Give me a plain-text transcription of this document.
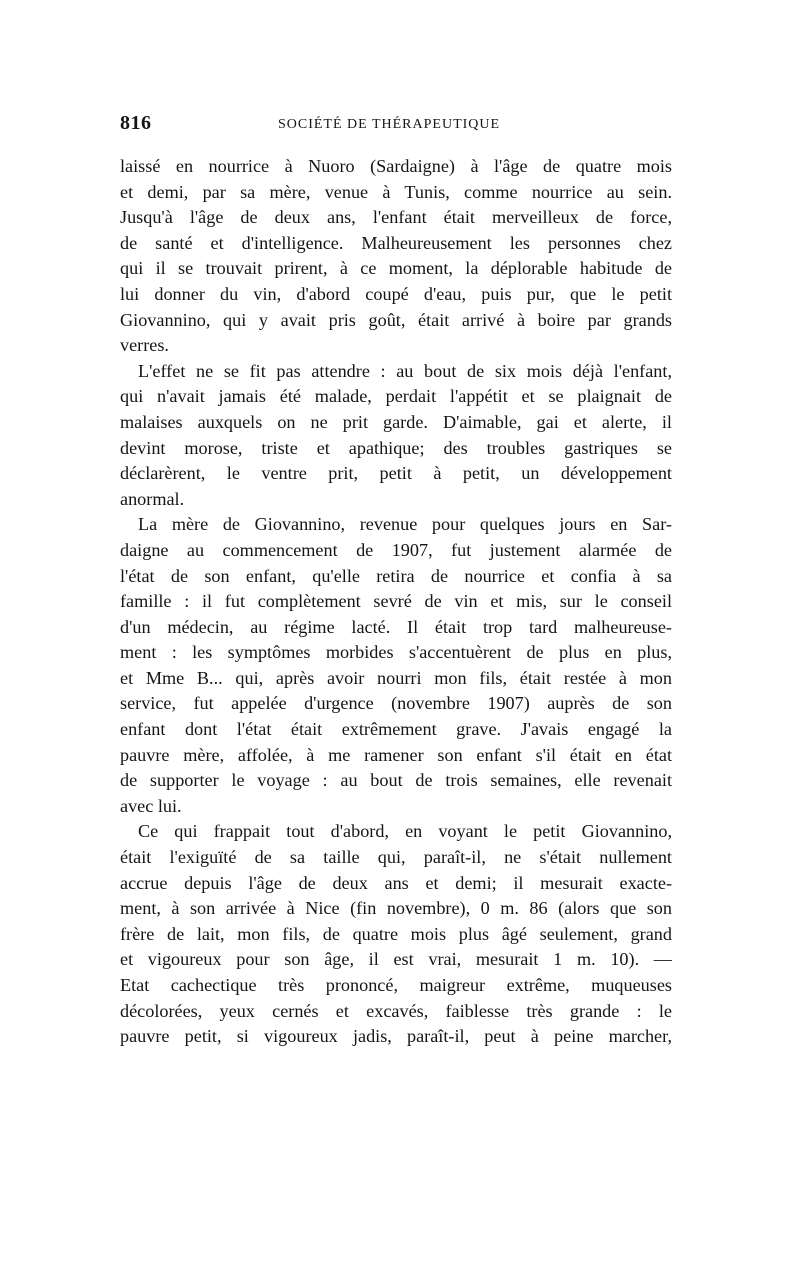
816	SOCIÉTÉ DE THÉRAPEUTIQUE

laissé en nourrice à Nuoro (Sardaigne) à l'âge de quatre mois
et demi, par sa mère, venue à Tunis, comme nourrice au sein.
Jusqu'à l'âge de deux ans, l'enfant était merveilleux de force,
de santé et d'intelligence. Malheureusement les personnes chez
qui il se trouvait prirent, à ce moment, la déplorable habitude de
lui donner du vin, d'abord coupé d'eau, puis pur, que le petit
Giovannino, qui y avait pris goût, était arrivé à boire par grands
verres.

L'effet ne se fit pas attendre : au bout de six mois déjà l'enfant,
qui n'avait jamais été malade, perdait l'appétit et se plaignait de
malaises auxquels on ne prit garde. D'aimable, gai et alerte, il
devint morose, triste et apathique; des troubles gastriques se
déclarèrent, le ventre prit, petit à petit, un développement
anormal.

La mère de Giovannino, revenue pour quelques jours en Sar-
daigne au commencement de 1907, fut justement alarmée de
l'état de son enfant, qu'elle retira de nourrice et confia à sa
famille : il fut complètement sevré de vin et mis, sur le conseil
d'un médecin, au régime lacté. Il était trop tard malheureuse-
ment : les symptômes morbides s'accentuèrent de plus en plus,
et Mme B... qui, après avoir nourri mon fils, était restée à mon
service, fut appelée d'urgence (novembre 1907) auprès de son
enfant dont l'état était extrêmement grave. J'avais engagé la
pauvre mère, affolée, à me ramener son enfant s'il était en état
de supporter le voyage : au bout de trois semaines, elle revenait
avec lui.

Ce qui frappait tout d'abord, en voyant le petit Giovannino,
était l'exiguïté de sa taille qui, paraît-il, ne s'était nullement
accrue depuis l'âge de deux ans et demi; il mesurait exacte-
ment, à son arrivée à Nice (fin novembre), 0 m. 86 (alors que son
frère de lait, mon fils, de quatre mois plus âgé seulement, grand
et vigoureux pour son âge, il est vrai, mesurait 1 m. 10). —
Etat cachectique très prononcé, maigreur extrême, muqueuses
décolorées, yeux cernés et excavés, faiblesse très grande : le
pauvre petit, si vigoureux jadis, paraît-il, peut à peine marcher,
